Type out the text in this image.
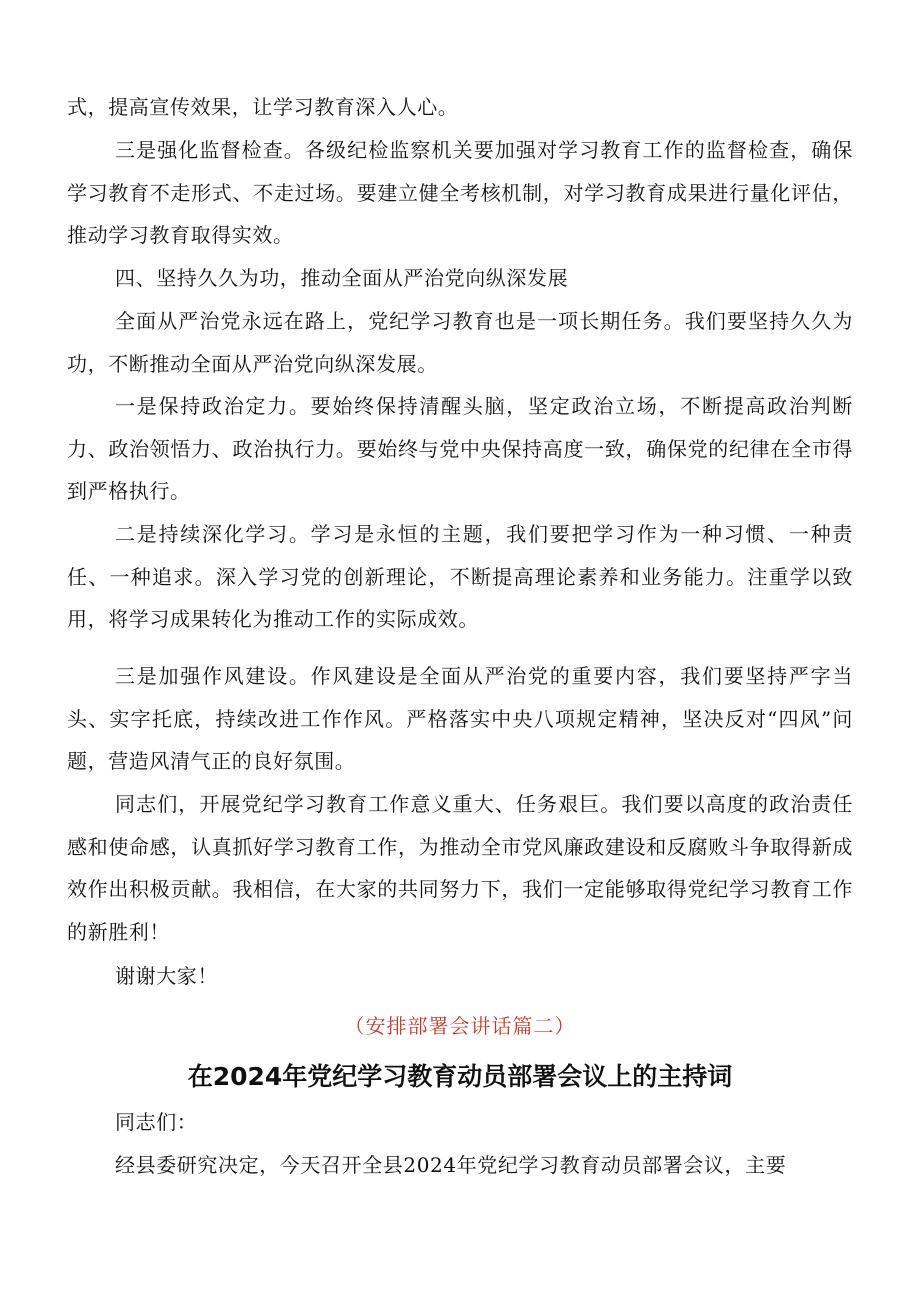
式，提高宣传效果，让学习教育深入人心。

三是强化监督检查。各级纪检监察机关要加强对学习教育工作的监督检查，确保学习教育不走形式、不走过场。要建立健全考核机制，对学习教育成果进行量化评估，推动学习教育取得实效。

四、坚持久久为功，推动全面从严治党向纵深发展

全面从严治党永远在路上，党纪学习教育也是一项长期任务。我们要坚持久久为功，不断推动全面从严治党向纵深发展。

一是保持政治定力。要始终保持清醒头脑，坚定政治立场，不断提高政治判断力、政治领悟力、政治执行力。要始终与党中央保持高度一致，确保党的纪律在全市得到严格执行。

二是持续深化学习。学习是永恒的主题，我们要把学习作为一种习惯、一种责任、一种追求。深入学习党的创新理论，不断提高理论素养和业务能力。注重学以致用，将学习成果转化为推动工作的实际成效。

三是加强作风建设。作风建设是全面从严治党的重要内容，我们要坚持严字当头、实字托底，持续改进工作作风。严格落实中央八项规定精神，坚决反对“四风”问题，营造风清气正的良好氛围。

同志们，开展党纪学习教育工作意义重大、任务艰巨。我们要以高度的政治责任感和使命感，认真抓好学习教育工作，为推动全市党风廉政建设和反腐败斗争取得新成效作出积极贡献。我相信，在大家的共同努力下，我们一定能够取得党纪学习教育工作的新胜利！

谢谢大家！

（安排部署会讲话篇二）

在2024年党纪学习教育动员部署会议上的主持词

同志们：

经县委研究决定，今天召开全县2024年党纪学习教育动员部署会议，主要
